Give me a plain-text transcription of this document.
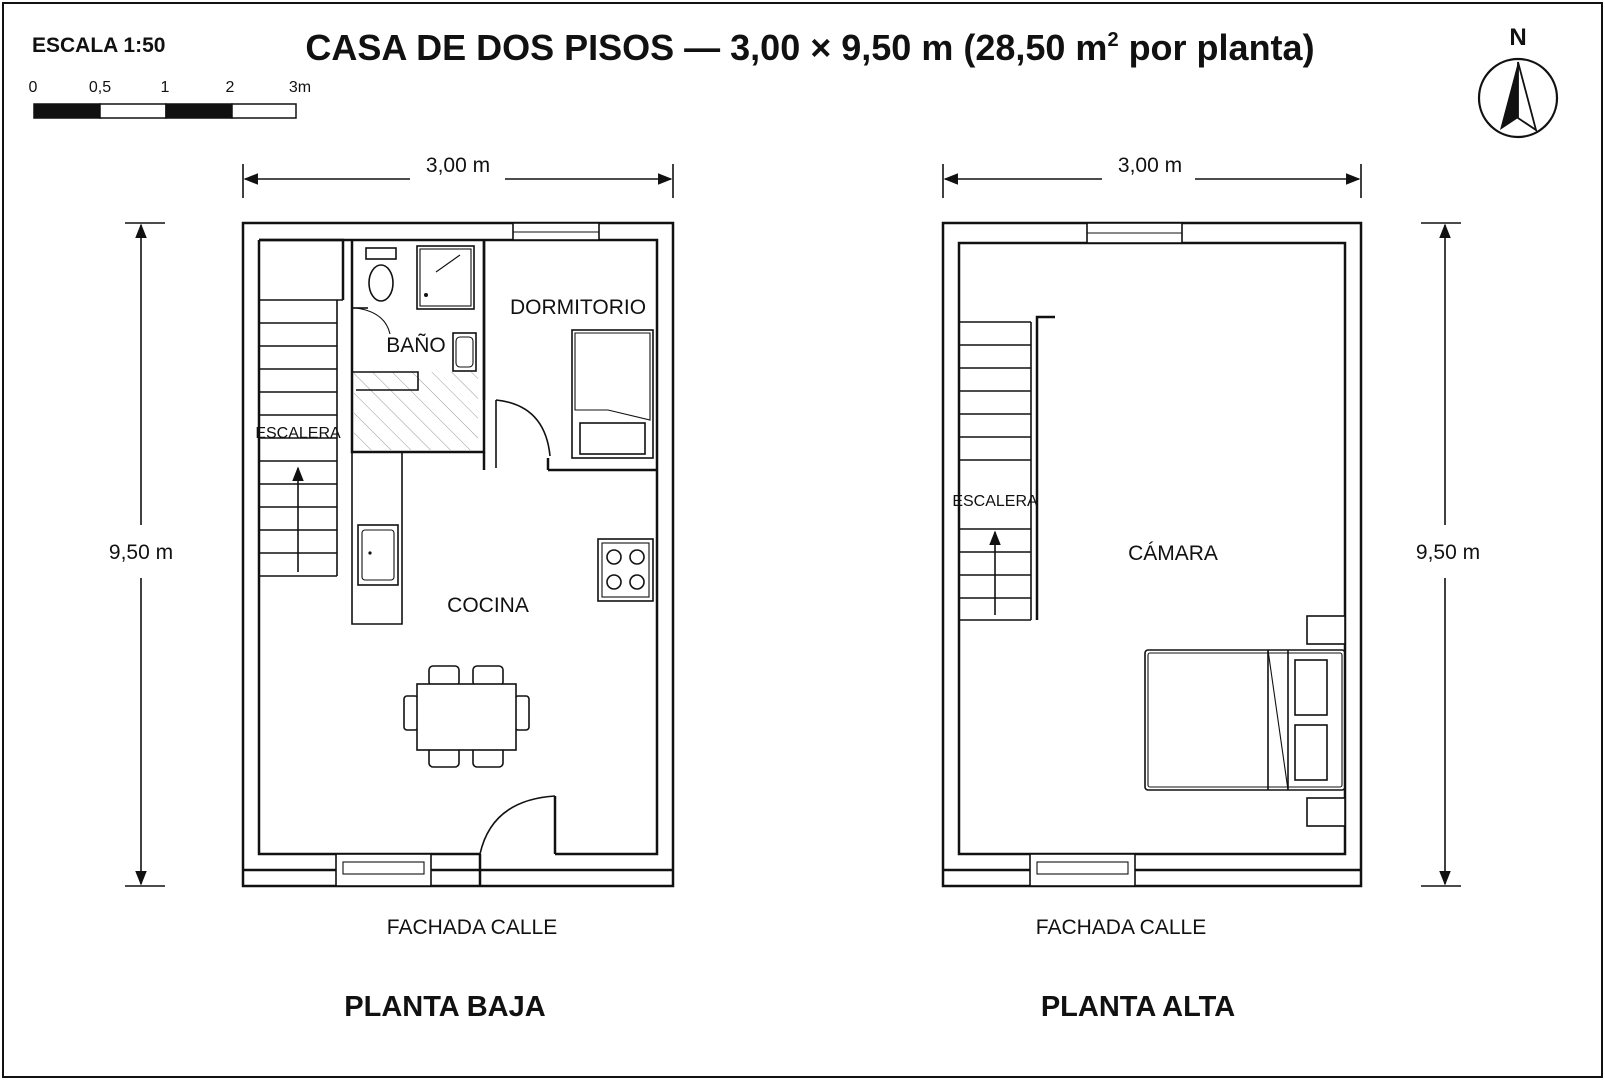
CASA DE DOS PISOS — 3,00 × 9,50 m (28,50 $m^2$ por planta)
ESCALA 1:50
0	0,5	1	2	3m
N
3,00 m
9,50 m
ESCALERA
BAÑO
DORMITORIO
COCINA
FACHADA CALLE
PLANTA BAJA
3,00 m
9,50 m
ESCALERA
CÁMARA
FACHADA CALLE
PLANTA ALTA
